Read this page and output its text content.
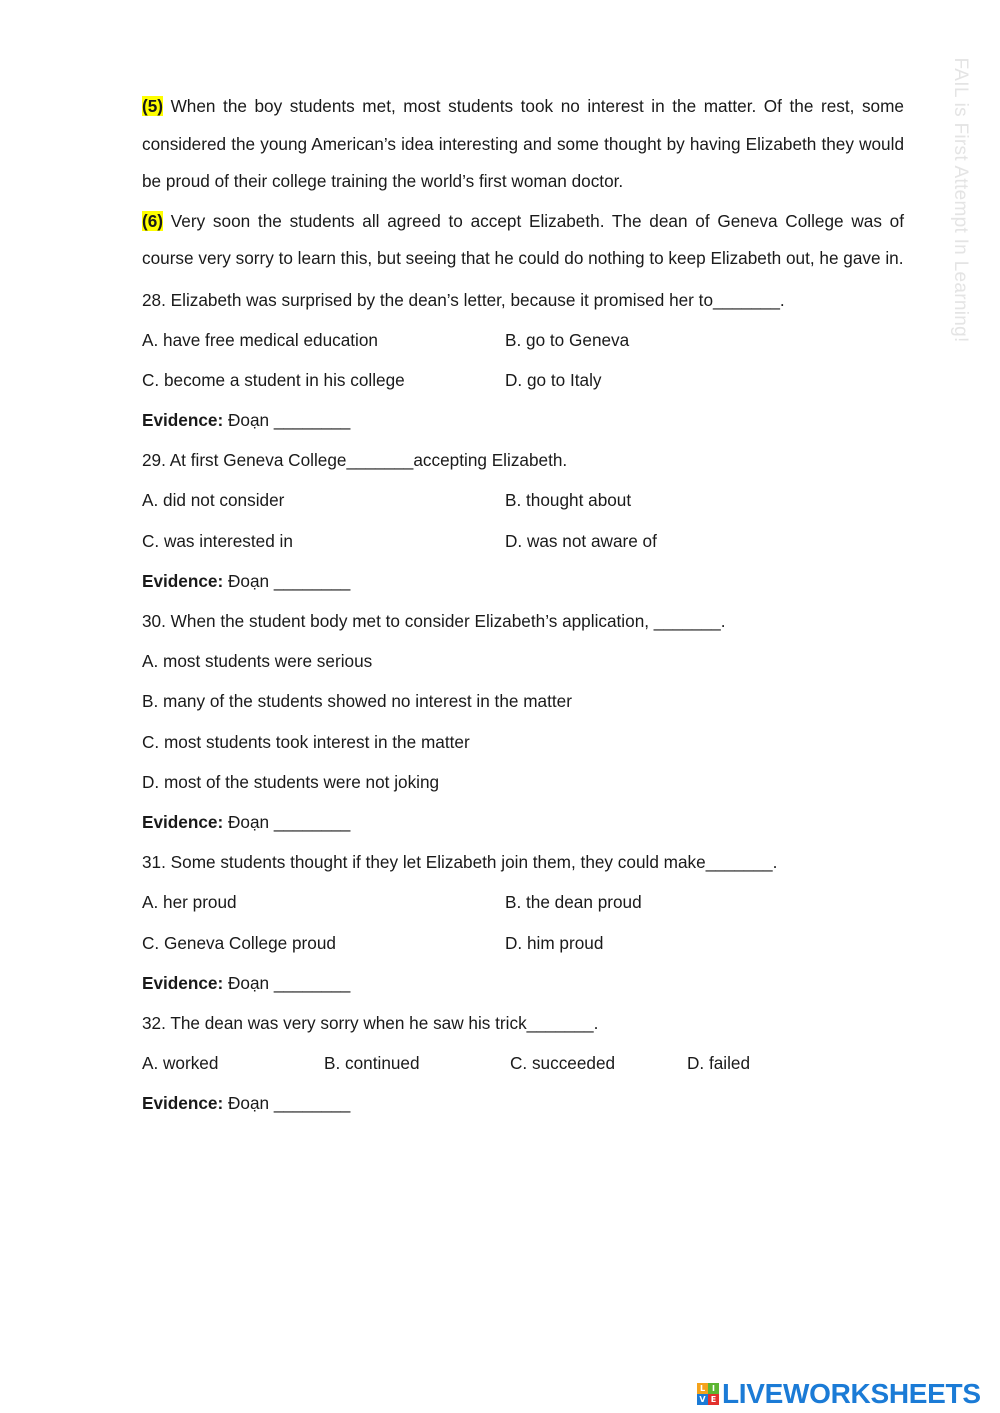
FAIL is First Attempt In Learning!

(5) When the boy students met, most students took no interest in the matter. Of the rest, some considered the young American’s idea interesting and some thought by having Elizabeth they would be proud of their college training the world’s first woman doctor.

(6) Very soon the students all agreed to accept Elizabeth. The dean of Geneva College was of course very sorry to learn this, but seeing that he could do nothing to keep Elizabeth out, he gave in.

28. Elizabeth was surprised by the dean’s letter, because it promised her to_______.
A. have free medical education	B. go to Geneva
C. become a student in his college	D. go to Italy
Evidence: Đoạn ________
29. At first Geneva College_______accepting Elizabeth.
A. did not consider	B. thought about
C. was interested in	D. was not aware of
Evidence: Đoạn ________
30. When the student body met to consider Elizabeth’s application, _______.
A. most students were serious
B. many of the students showed no interest in the matter
C. most students took interest in the matter
D. most of the students were not joking
Evidence: Đoạn ________
31. Some students thought if they let Elizabeth join them, they could make_______.
A. her proud	B. the dean proud
C. Geneva College proud	D. him proud
Evidence: Đoạn ________
32. The dean was very sorry when he saw his trick_______.
A. worked	B. continued	C. succeeded	D. failed
Evidence: Đoạn ________
L I
V E LIVEWORKSHEETS
